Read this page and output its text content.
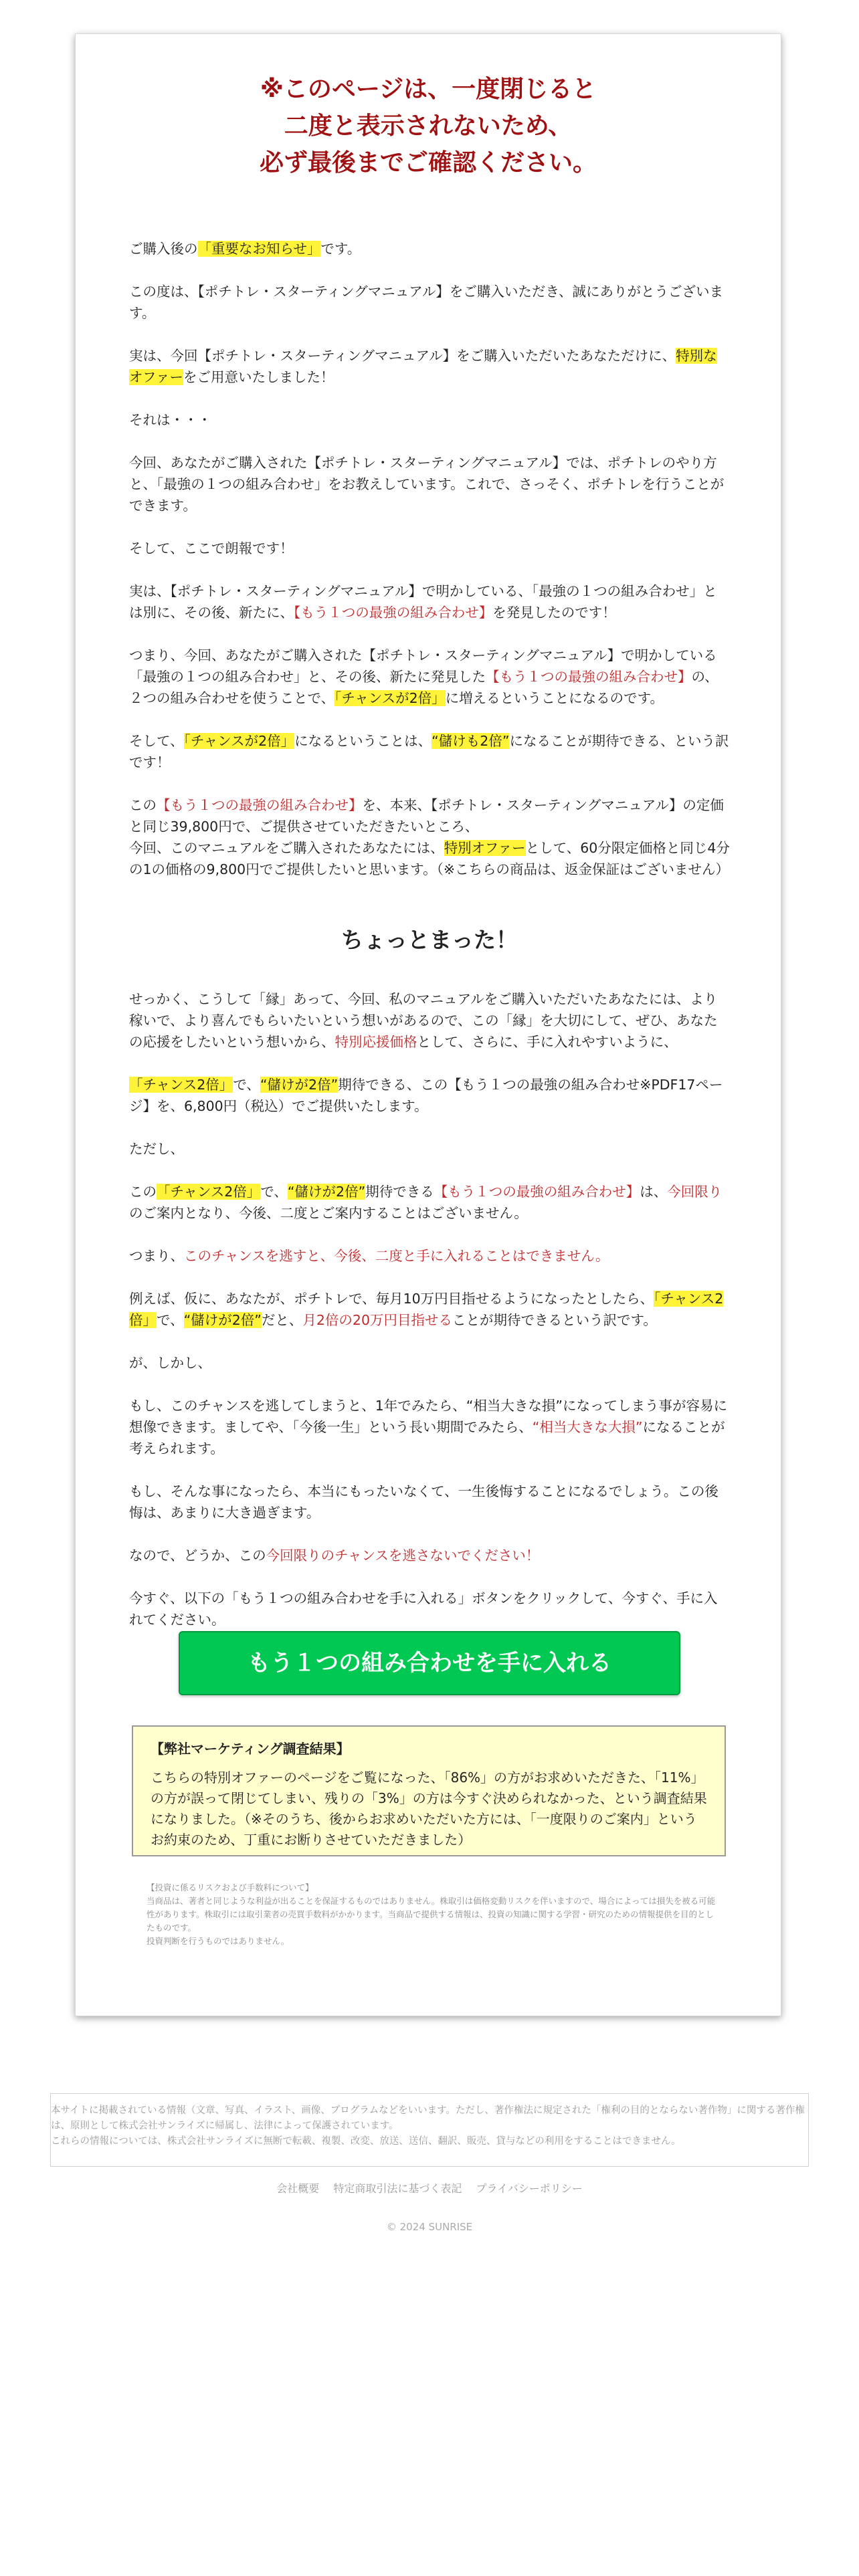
※このページは、一度閉じると
二度と表示されないため、
必ず最後までご確認ください。

ご購入後の「重要なお知らせ」です。

この度は、【ポチトレ・スターティングマニュアル】をご購入いただき、誠にありがとうございます。

実は、今回【ポチトレ・スターティングマニュアル】をご購入いただいたあなただけに、特別なオファーをご用意いたしました！

それは・・・

今回、あなたがご購入された【ポチトレ・スターティングマニュアル】では、ポチトレのやり方と、「最強の１つの組み合わせ」をお教えしています。これで、さっそく、ポチトレを行うことができます。

そして、ここで朗報です！

実は、【ポチトレ・スターティングマニュアル】で明かしている、「最強の１つの組み合わせ」とは別に、その後、新たに、【もう１つの最強の組み合わせ】を発見したのです！

つまり、今回、あなたがご購入された【ポチトレ・スターティングマニュアル】で明かしている「最強の１つの組み合わせ」と、その後、新たに発見した【もう１つの最強の組み合わせ】の、２つの組み合わせを使うことで、「チャンスが2倍」に増えるということになるのです。

そして、「チャンスが2倍」になるということは、“儲けも2倍”になることが期待できる、という訳です！

この【もう１つの最強の組み合わせ】を、本来、【ポチトレ・スターティングマニュアル】の定価と同じ39,800円で、ご提供させていただきたいところ、
今回、このマニュアルをご購入されたあなたには、特別オファーとして、60分限定価格と同じ4分の1の価格の9,800円でご提供したいと思います。（※こちらの商品は、返金保証はございません）

ちょっとまった！

せっかく、こうして「縁」あって、今回、私のマニュアルをご購入いただいたあなたには、より稼いで、より喜んでもらいたいという想いがあるので、この「縁」を大切にして、ぜひ、あなたの応援をしたいという想いから、特別応援価格として、さらに、手に入れやすいように、

「チャンス2倍」で、“儲けが2倍”期待できる、この【もう１つの最強の組み合わせ※PDF17ページ】を、6,800円（税込）でご提供いたします。

ただし、

この「チャンス2倍」で、“儲けが2倍”期待できる【もう１つの最強の組み合わせ】は、今回限りのご案内となり、今後、二度とご案内することはございません。

つまり、このチャンスを逃すと、今後、二度と手に入れることはできません。

例えば、仮に、あなたが、ポチトレで、毎月10万円目指せるようになったとしたら、「チャンス2倍」で、“儲けが2倍”だと、月2倍の20万円目指せることが期待できるという訳です。

が、しかし、

もし、このチャンスを逃してしまうと、1年でみたら、“相当大きな損”になってしまう事が容易に想像できます。ましてや、「今後一生」という長い期間でみたら、“相当大きな大損”になることが考えられます。

もし、そんな事になったら、本当にもったいなくて、一生後悔することになるでしょう。この後悔は、あまりに大き過ぎます。

なので、どうか、この今回限りのチャンスを逃さないでください！

今すぐ、以下の「もう１つの組み合わせを手に入れる」ボタンをクリックして、今すぐ、手に入れてください。

もう１つの組み合わせを手に入れる
【弊社マーケティング調査結果】
こちらの特別オファーのページをご覧になった、「86%」の方がお求めいただきた、「11%」の方が誤って閉じてしまい、残りの「3%」の方は今すぐ決められなかった、という調査結果になりました。（※そのうち、後からお求めいただいた方には、「一度限りのご案内」というお約束のため、丁重にお断りさせていただきました）
【投資に係るリスクおよび手数料について】
当商品は、著者と同じような利益が出ることを保証するものではありません。株取引は価格変動リスクを伴いますので、場合によっては損失を被る可能性があります。株取引には取引業者の売買手数料がかかります。当商品で提供する情報は、投資の知識に関する学習・研究のための情報提供を目的としたものです。
投資判断を行うものではありません。
本サイトに掲載されている情報（文章、写真、イラスト、画像、プログラムなどをいいます。ただし、著作権法に規定された「権利の目的とならない著作物」に関する著作権は、原則として株式会社サンライズに帰属し、法律によって保護されています。
これらの情報については、株式会社サンライズに無断で転載、複製、改変、放送、送信、翻訳、販売、貸与などの利用をすることはできません。
会社概要 特定商取引法に基づく表記 プライバシーポリシー
© 2024 SUNRISE
